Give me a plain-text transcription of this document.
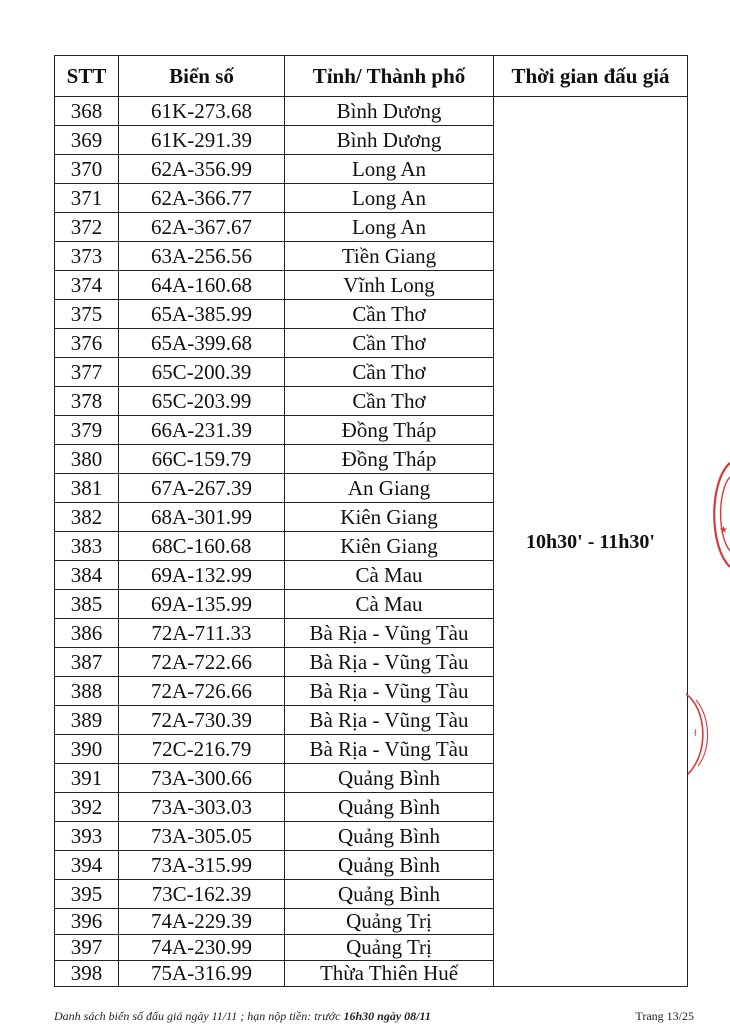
STT	Biển số	Tỉnh/ Thành phố	Thời gian đấu giá
368	61K-273.68	Bình Dương	10h30' - 11h30'
369	61K-291.39	Bình Dương	
370	62A-356.99	Long An	
371	62A-366.77	Long An	
372	62A-367.67	Long An	
373	63A-256.56	Tiền Giang	
374	64A-160.68	Vĩnh Long	
375	65A-385.99	Cần Thơ	
376	65A-399.68	Cần Thơ	
377	65C-200.39	Cần Thơ	
378	65C-203.99	Cần Thơ	
379	66A-231.39	Đồng Tháp	
380	66C-159.79	Đồng Tháp	
381	67A-267.39	An Giang	
382	68A-301.99	Kiên Giang	
383	68C-160.68	Kiên Giang	
384	69A-132.99	Cà Mau	
385	69A-135.99	Cà Mau	
386	72A-711.33	Bà Rịa - Vũng Tàu	
387	72A-722.66	Bà Rịa - Vũng Tàu	
388	72A-726.66	Bà Rịa - Vũng Tàu	
389	72A-730.39	Bà Rịa - Vũng Tàu	
390	72C-216.79	Bà Rịa - Vũng Tàu	
391	73A-300.66	Quảng Bình	
392	73A-303.03	Quảng Bình	
393	73A-305.05	Quảng Bình	
394	73A-315.99	Quảng Bình	
395	73C-162.39	Quảng Bình	
396	74A-229.39	Quảng Trị	
397	74A-230.99	Quảng Trị	
398	75A-316.99	Thừa Thiên Huế	
Danh sách biển số đấu giá ngày 11/11 ; hạn nộp tiền: trước 16h30 ngày 08/11	Trang 13/25
★
ł
